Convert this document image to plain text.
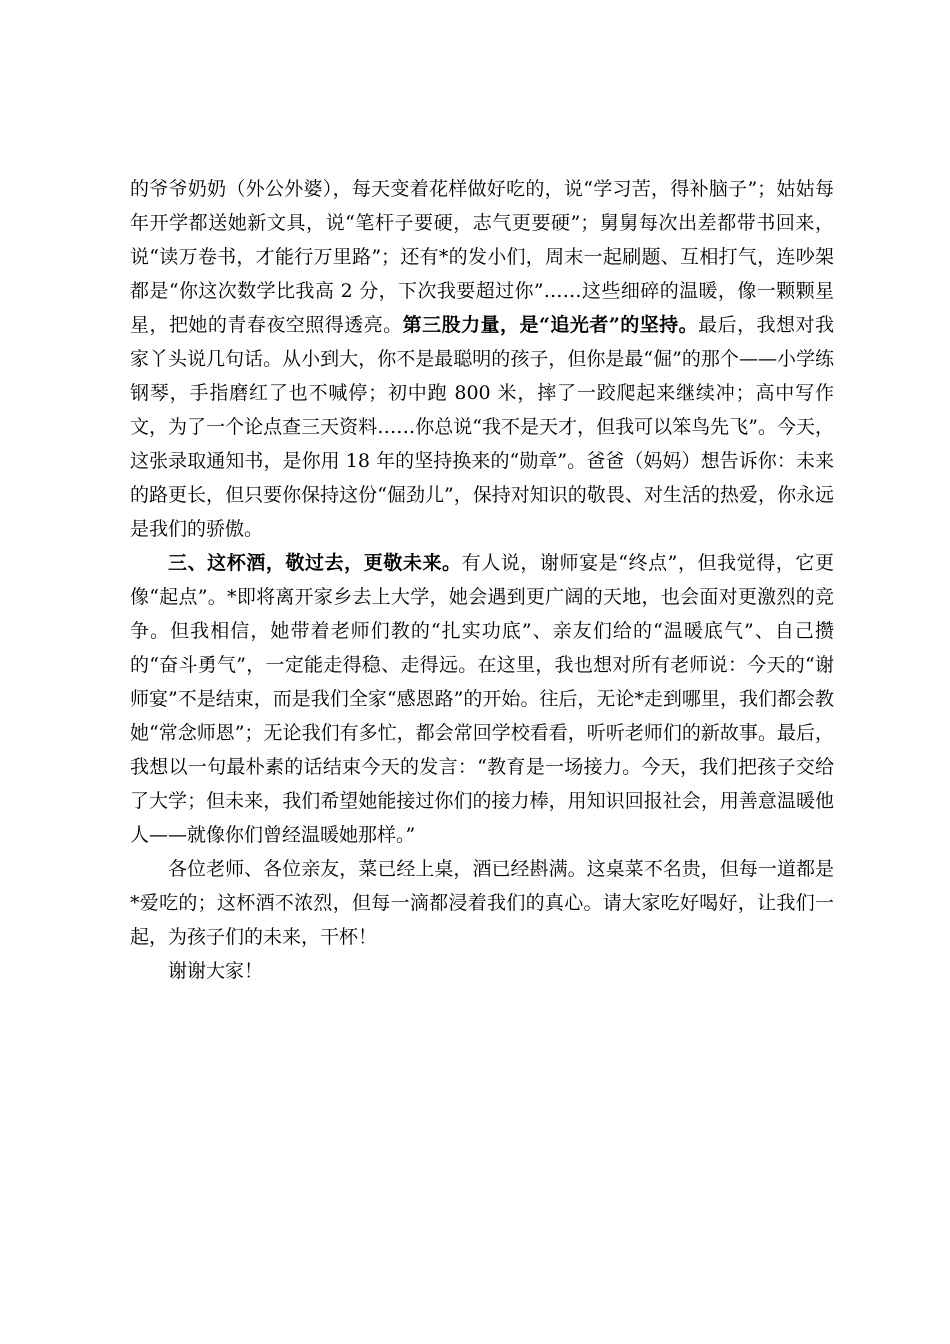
的爷爷奶奶（外公外婆），每天变着花样做好吃的，说“学习苦，得补脑子”；姑姑每年开学都送她新文具，说“笔杆子要硬，志气更要硬”；舅舅每次出差都带书回来，说“读万卷书，才能行万里路”；还有*的发小们，周末一起刷题、互相打气，连吵架都是“你这次数学比我高 2 分，下次我要超过你”……这些细碎的温暖，像一颗颗星星，把她的青春夜空照得透亮。第三股力量，是“追光者”的坚持。最后，我想对我家丫头说几句话。从小到大，你不是最聪明的孩子，但你是最“倔”的那个——小学练钢琴，手指磨红了也不喊停；初中跑 800 米，摔了一跤爬起来继续冲；高中写作文，为了一个论点查三天资料……你总说“我不是天才，但我可以笨鸟先飞”。今天，这张录取通知书，是你用 18 年的坚持换来的“勋章”。爸爸（妈妈）想告诉你：未来的路更长，但只要你保持这份“倔劲儿”，保持对知识的敬畏、对生活的热爱，你永远是我们的骄傲。

三、这杯酒，敬过去，更敬未来。有人说，谢师宴是“终点”，但我觉得，它更像“起点”。*即将离开家乡去上大学，她会遇到更广阔的天地，也会面对更激烈的竞争。但我相信，她带着老师们教的“扎实功底”、亲友们给的“温暖底气”、自己攒的“奋斗勇气”，一定能走得稳、走得远。在这里，我也想对所有老师说：今天的“谢师宴”不是结束，而是我们全家“感恩路”的开始。往后，无论*走到哪里，我们都会教她“常念师恩”；无论我们有多忙，都会常回学校看看，听听老师们的新故事。最后，我想以一句最朴素的话结束今天的发言：“教育是一场接力。今天，我们把孩子交给了大学；但未来，我们希望她能接过你们的接力棒，用知识回报社会，用善意温暖他人——就像你们曾经温暖她那样。”

各位老师、各位亲友，菜已经上桌，酒已经斟满。这桌菜不名贵，但每一道都是*爱吃的；这杯酒不浓烈，但每一滴都浸着我们的真心。请大家吃好喝好，让我们一起，为孩子们的未来，干杯！

谢谢大家！
